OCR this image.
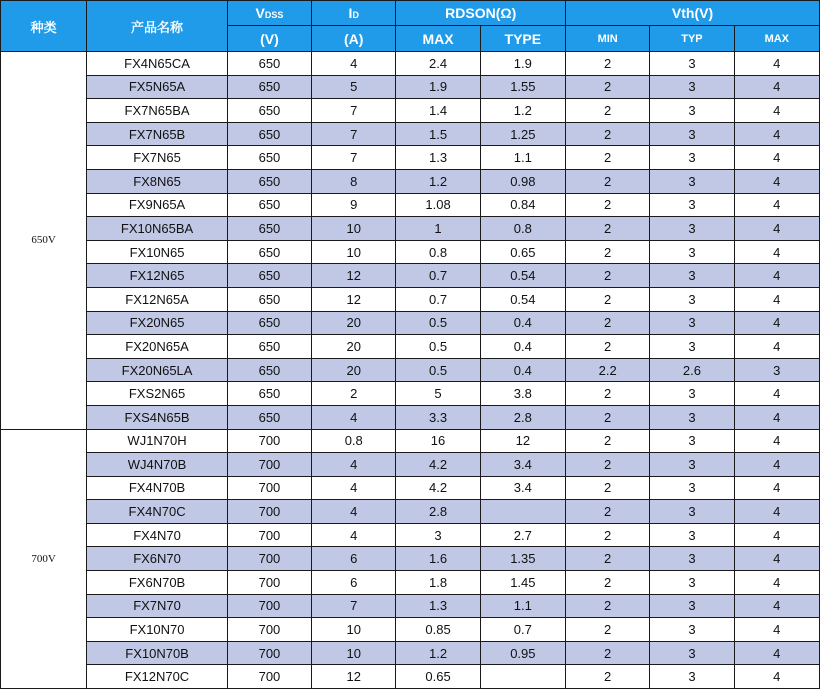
种类	产品名称	VDSS	ID	RDSON(Ω)		Vth(V)		
		(V)	(A)	MAX	TYPE	MIN	TYP	MAX
650V	FX4N65CA	650	4	2.4	1.9	2	3	4
	FX5N65A	650	5	1.9	1.55	2	3	4
	FX7N65BA	650	7	1.4	1.2	2	3	4
	FX7N65B	650	7	1.5	1.25	2	3	4
	FX7N65	650	7	1.3	1.1	2	3	4
	FX8N65	650	8	1.2	0.98	2	3	4
	FX9N65A	650	9	1.08	0.84	2	3	4
	FX10N65BA	650	10	1	0.8	2	3	4
	FX10N65	650	10	0.8	0.65	2	3	4
	FX12N65	650	12	0.7	0.54	2	3	4
	FX12N65A	650	12	0.7	0.54	2	3	4
	FX20N65	650	20	0.5	0.4	2	3	4
	FX20N65A	650	20	0.5	0.4	2	3	4
	FX20N65LA	650	20	0.5	0.4	2.2	2.6	3
	FXS2N65	650	2	5	3.8	2	3	4
	FXS4N65B	650	4	3.3	2.8	2	3	4
700V	WJ1N70H	700	0.8	16	12	2	3	4
	WJ4N70B	700	4	4.2	3.4	2	3	4
	FX4N70B	700	4	4.2	3.4	2	3	4
	FX4N70C	700	4	2.8		2	3	4
	FX4N70	700	4	3	2.7	2	3	4
	FX6N70	700	6	1.6	1.35	2	3	4
	FX6N70B	700	6	1.8	1.45	2	3	4
	FX7N70	700	7	1.3	1.1	2	3	4
	FX10N70	700	10	0.85	0.7	2	3	4
	FX10N70B	700	10	1.2	0.95	2	3	4
	FX12N70C	700	12	0.65		2	3	4
